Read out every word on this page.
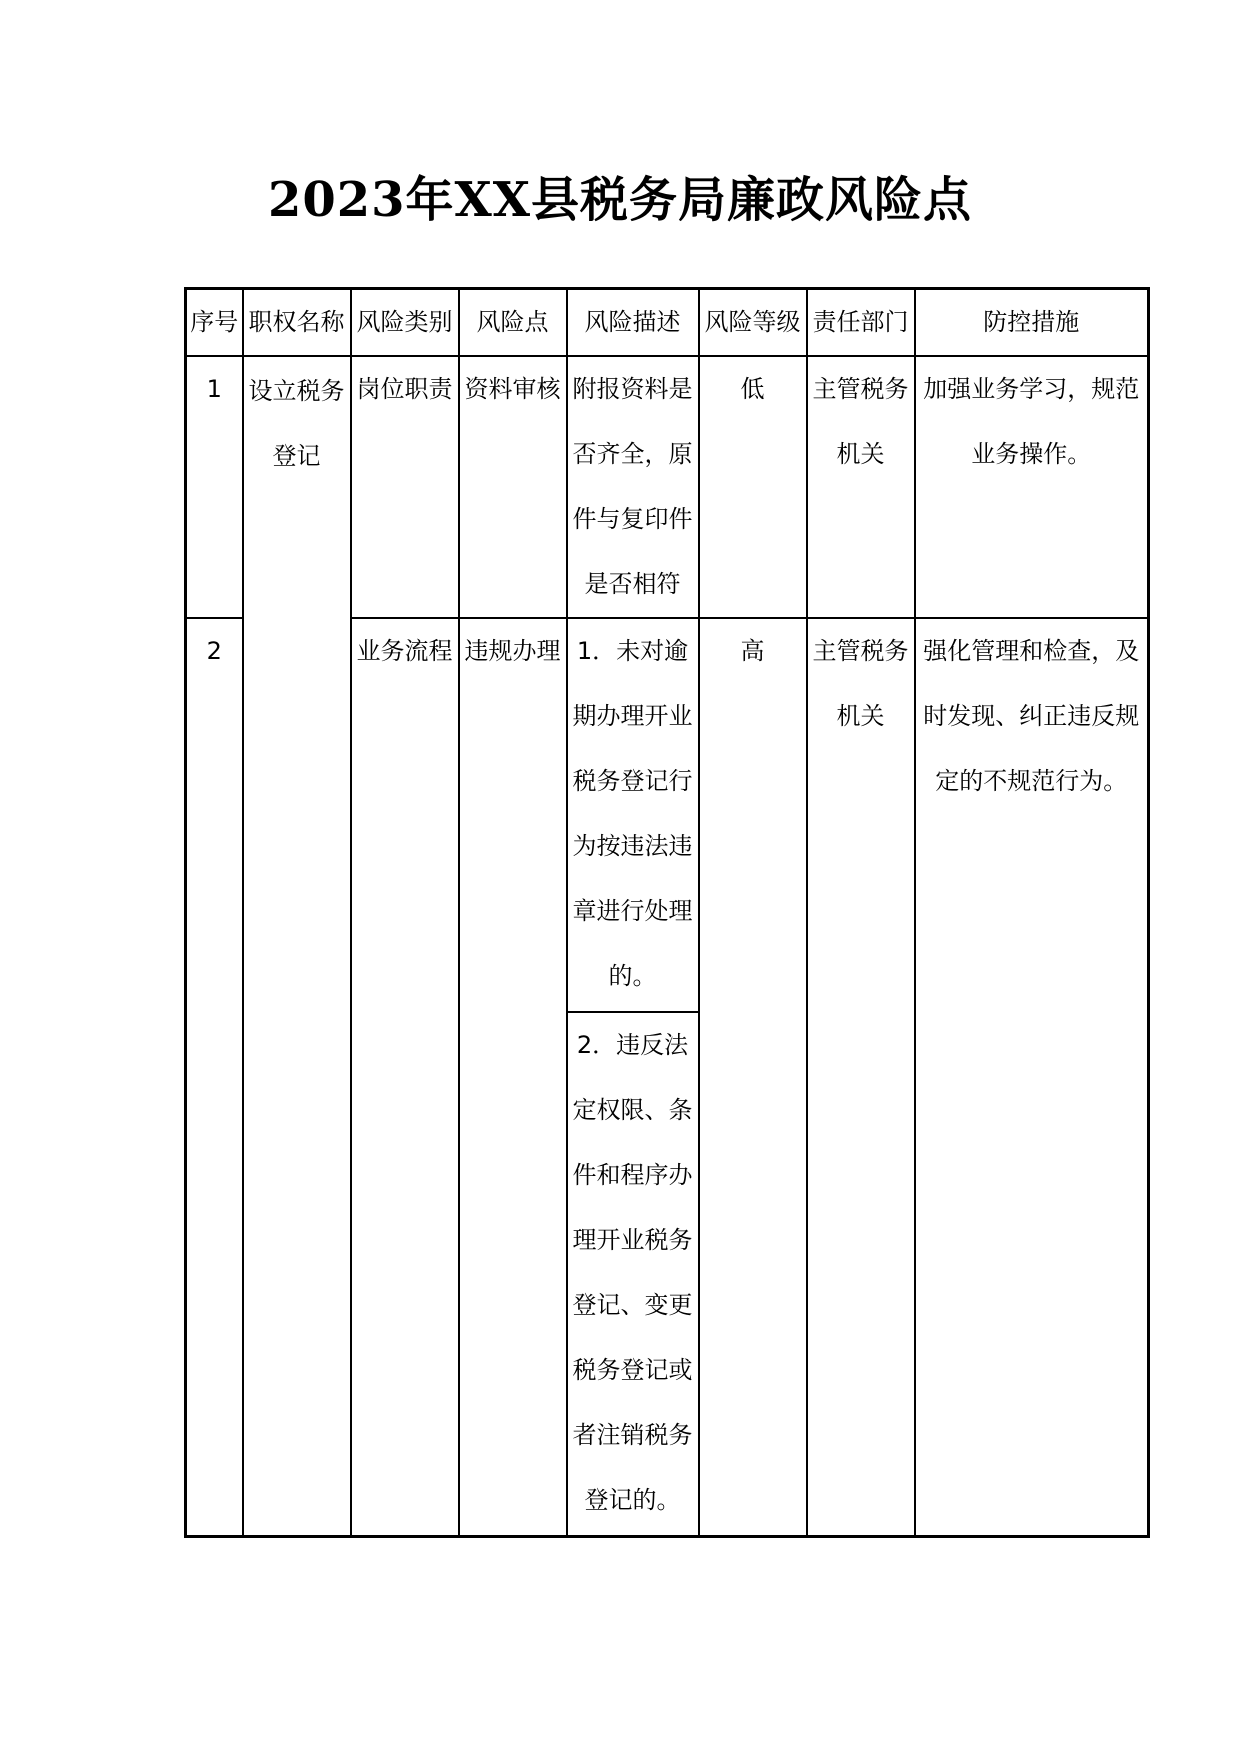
2023年XX县税务局廉政风险点
序号	职权名称	风险类别	风险点	风险描述	风险等级	责任部门	防控措施
1	设立税务登记	岗位职责	资料审核	附报资料是否齐全，原件与复印件是否相符	低	主管税务机关	加强业务学习，规范业务操作。
2		业务流程	违规办理	1．未对逾期办理开业税务登记行为按违法违章进行处理的。	高	主管税务机关	强化管理和检查，及时发现、纠正违反规定的不规范行为。
				2．违反法定权限、条件和程序办理开业税务登记、变更税务登记或者注销税务登记的。			
